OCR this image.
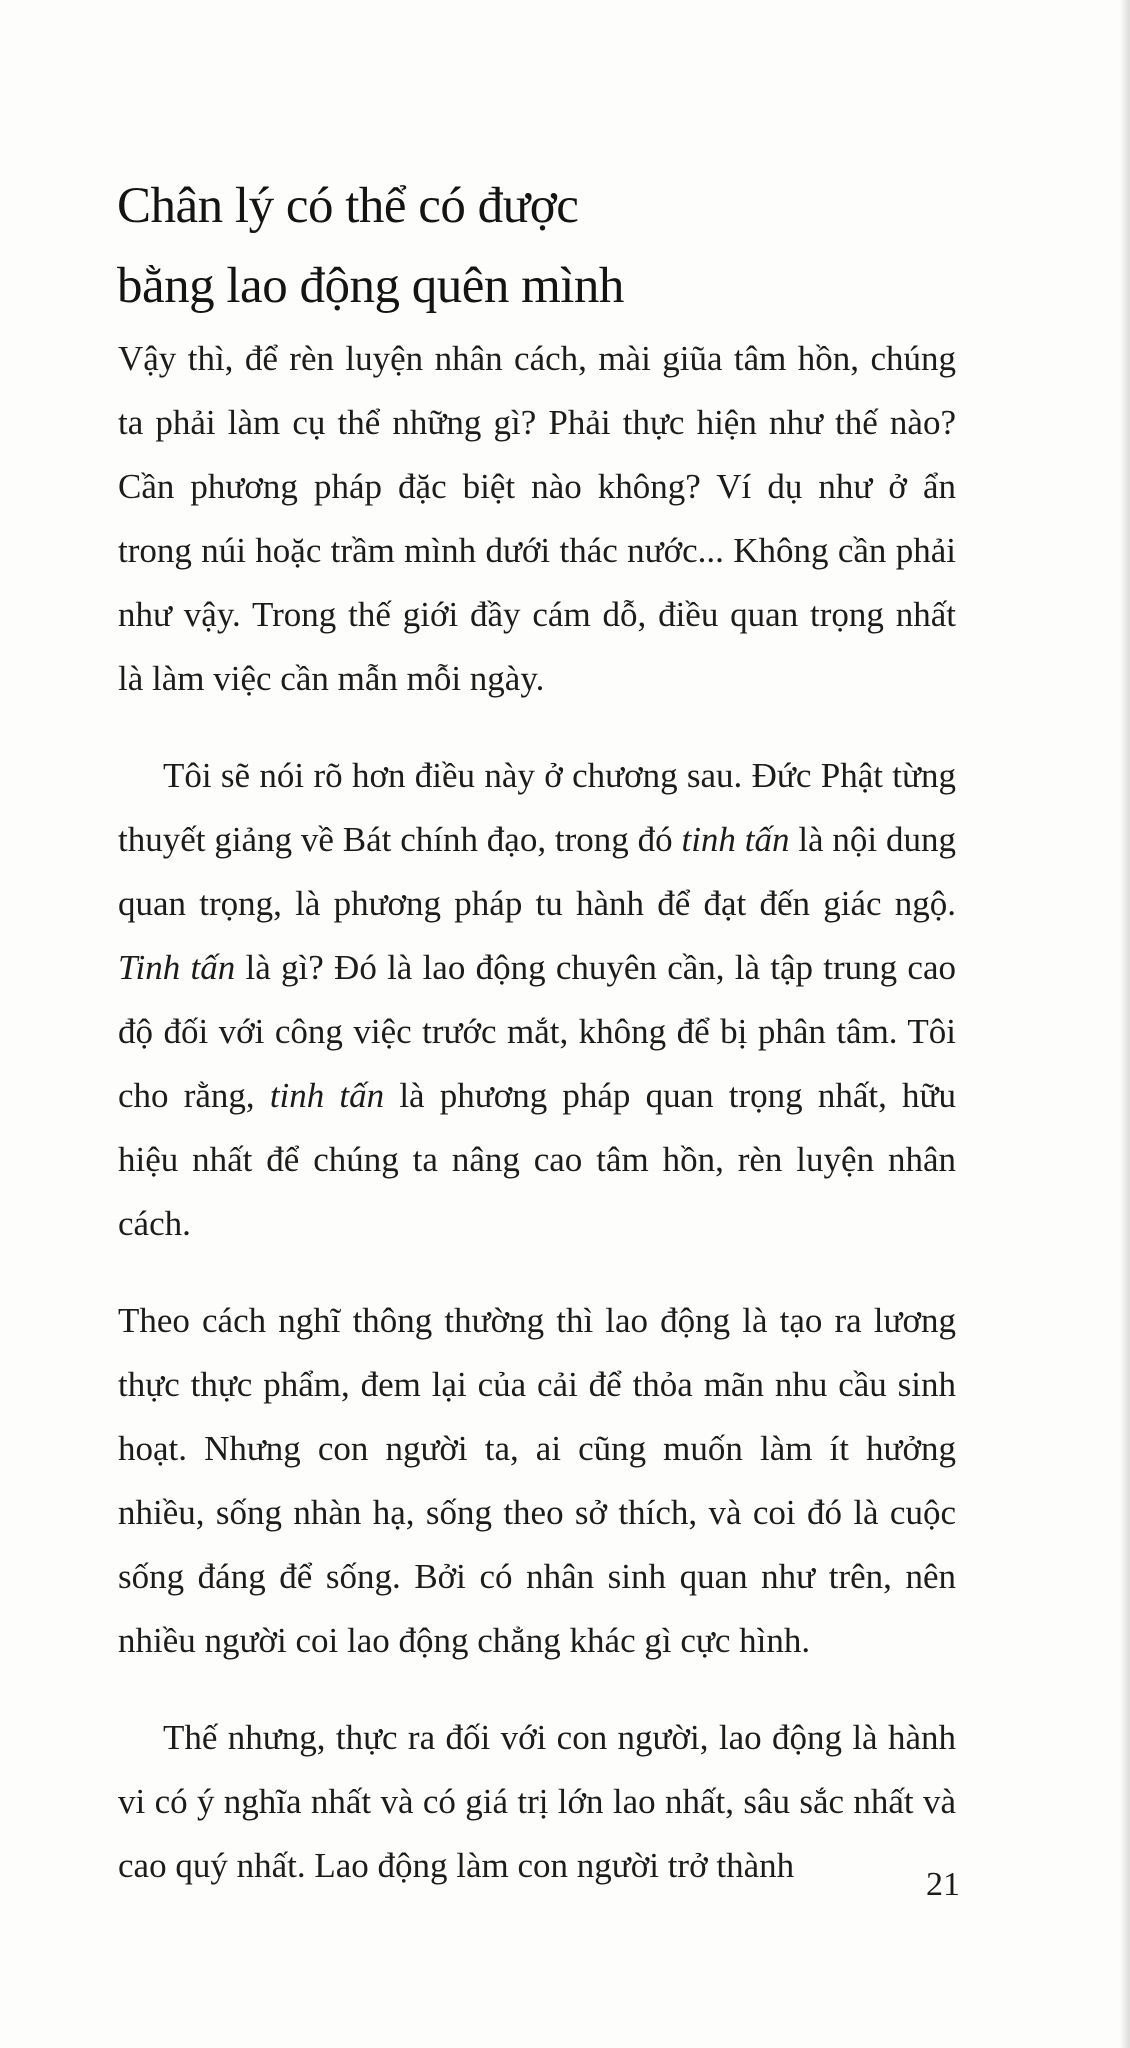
Chân lý có thể có được
bằng lao động quên mình

Vậy thì, để rèn luyện nhân cách, mài giũa tâm hồn, chúng ta phải làm cụ thể những gì? Phải thực hiện như thế nào? Cần phương pháp đặc biệt nào không? Ví dụ như ở ẩn trong núi hoặc trầm mình dưới thác nước... Không cần phải như vậy. Trong thế giới đầy cám dỗ, điều quan trọng nhất là làm việc cần mẫn mỗi ngày.

Tôi sẽ nói rõ hơn điều này ở chương sau. Đức Phật từng thuyết giảng về Bát chính đạo, trong đó tinh tấn là nội dung quan trọng, là phương pháp tu hành để đạt đến giác ngộ. Tinh tấn là gì? Đó là lao động chuyên cần, là tập trung cao độ đối với công việc trước mắt, không để bị phân tâm. Tôi cho rằng, tinh tấn là phương pháp quan trọng nhất, hữu hiệu nhất để chúng ta nâng cao tâm hồn, rèn luyện nhân cách.

Theo cách nghĩ thông thường thì lao động là tạo ra lương thực thực phẩm, đem lại của cải để thỏa mãn nhu cầu sinh hoạt. Nhưng con người ta, ai cũng muốn làm ít hưởng nhiều, sống nhàn hạ, sống theo sở thích, và coi đó là cuộc sống đáng để sống. Bởi có nhân sinh quan như trên, nên nhiều người coi lao động chẳng khác gì cực hình.

Thế nhưng, thực ra đối với con người, lao động là hành vi có ý nghĩa nhất và có giá trị lớn lao nhất, sâu sắc nhất và cao quý nhất. Lao động làm con người trở thành	21
